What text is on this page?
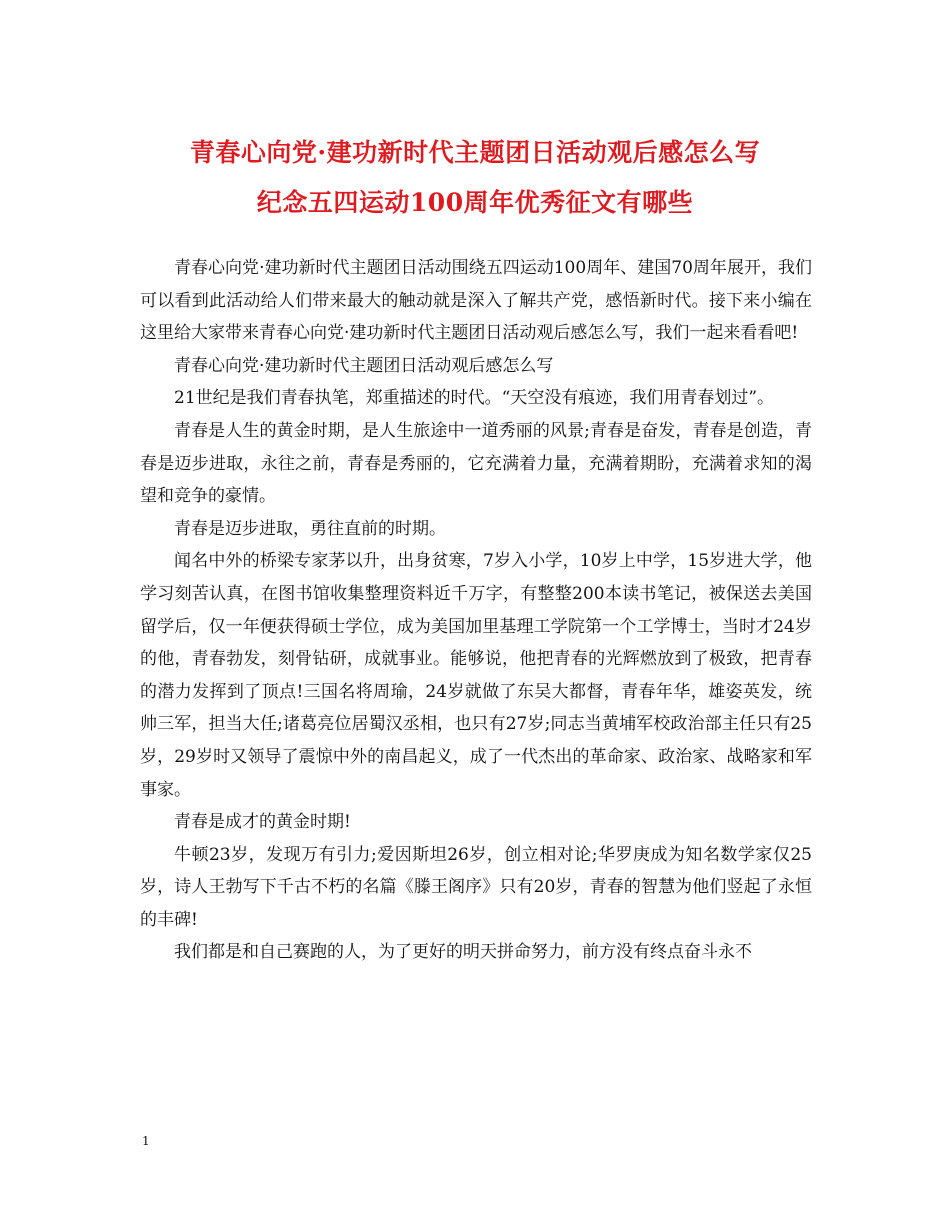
青春心向党·建功新时代主题团日活动观后感怎么写
纪念五四运动100周年优秀征文有哪些

青春心向党·建功新时代主题团日活动围绕五四运动100周年、建国70周年展开，我们可以看到此活动给人们带来最大的触动就是深入了解共产党，感悟新时代。接下来小编在这里给大家带来青春心向党·建功新时代主题团日活动观后感怎么写，我们一起来看看吧!

青春心向党·建功新时代主题团日活动观后感怎么写

21世纪是我们青春执笔，郑重描述的时代。“天空没有痕迹，我们用青春划过”。

青春是人生的黄金时期，是人生旅途中一道秀丽的风景;青春是奋发，青春是创造，青春是迈步进取，永往之前，青春是秀丽的，它充满着力量，充满着期盼，充满着求知的渴望和竞争的豪情。

青春是迈步进取，勇往直前的时期。

闻名中外的桥梁专家茅以升，出身贫寒，7岁入小学，10岁上中学，15岁进大学，他学习刻苦认真，在图书馆收集整理资料近千万字，有整整200本读书笔记，被保送去美国留学后，仅一年便获得硕士学位，成为美国加里基理工学院第一个工学博士，当时才24岁的他，青春勃发，刻骨钻研，成就事业。能够说，他把青春的光辉燃放到了极致，把青春的潜力发挥到了顶点!三国名将周瑜，24岁就做了东吴大都督，青春年华，雄姿英发，统帅三军，担当大任;诸葛亮位居蜀汉丞相，也只有27岁;同志当黄埔军校政治部主任只有25岁，29岁时又领导了震惊中外的南昌起义，成了一代杰出的革命家、政治家、战略家和军事家。

青春是成才的黄金时期!

牛顿23岁，发现万有引力;爱因斯坦26岁，创立相对论;华罗庚成为知名数学家仅25岁，诗人王勃写下千古不朽的名篇《滕王阁序》只有20岁，青春的智慧为他们竖起了永恒的丰碑!

我们都是和自己赛跑的人，为了更好的明天拼命努力，前方没有终点奋斗永不

1
